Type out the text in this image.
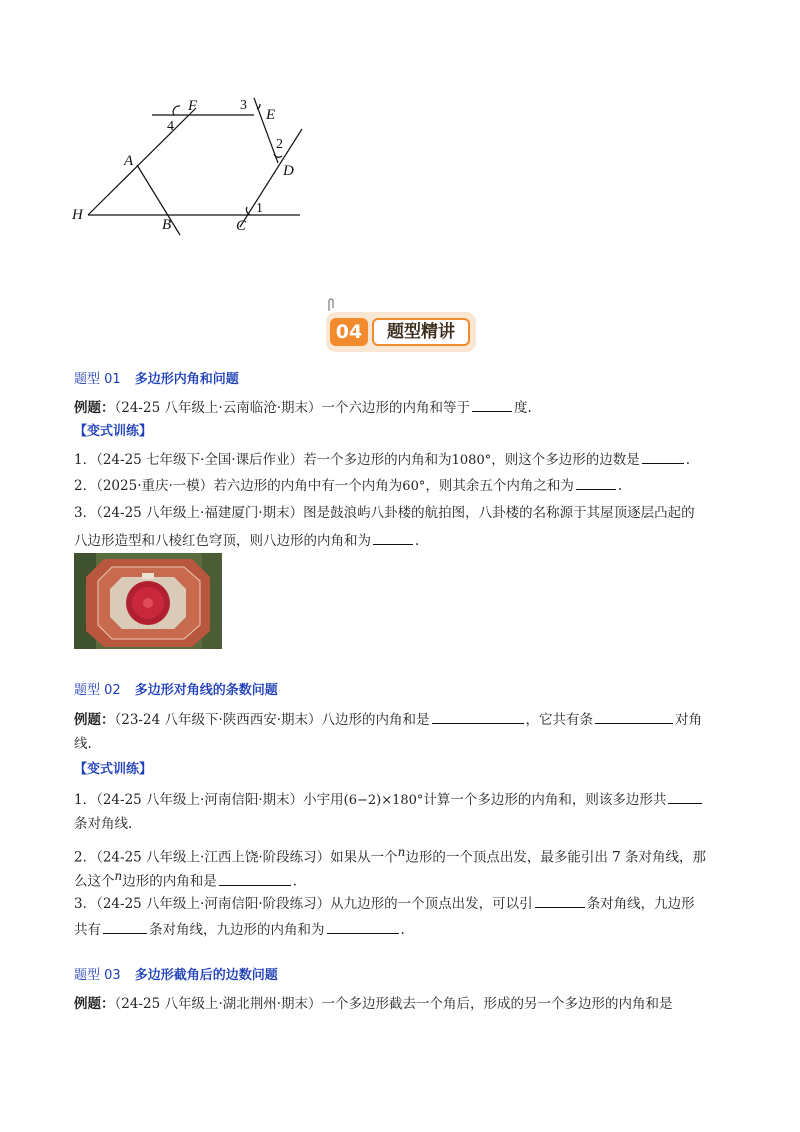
F
E
A
D
H
B	C
1
2
3
4
04	题型精讲
题型 01 多边形内角和问题
例题：（24-25 八年级上·云南临沧·期末）一个六边形的内角和等于	度.
【变式训练】
1．（24-25 七年级下·全国·课后作业）若一个多边形的内角和为1080°，则这个多边形的边数是	.
2．（2025·重庆·一模）若六边形的内角中有一个内角为60°，则其余五个内角之和为	.
3．（24-25 八年级上·福建厦门·期末）图是鼓浪屿八卦楼的航拍图，八卦楼的名称源于其屋顶逐层凸起的
八边形造型和八棱红色穹顶，则八边形的内角和为	.
题型 02 多边形对角线的条数问题
例题：（23-24 八年级下·陕西西安·期末）八边形的内角和是	，它共有条	对角
线.
【变式训练】
1．（24-25 八年级上·河南信阳·期末）小宇用(6−2)×180°计算一个多边形的内角和，则该多边形共
条对角线.
2．（24-25 八年级上·江西上饶·阶段练习）如果从一个n边形的一个顶点出发，最多能引出 7 条对角线，那
么这个n边形的内角和是	.
3．（24-25 八年级上·河南信阳·阶段练习）从九边形的一个顶点出发，可以引	条对角线，九边形
共有	条对角线，九边形的内角和为	.
题型 03 多边形截角后的边数问题
例题：（24-25 八年级上·湖北荆州·期末）一个多边形截去一个角后，形成的另一个多边形的内角和是
